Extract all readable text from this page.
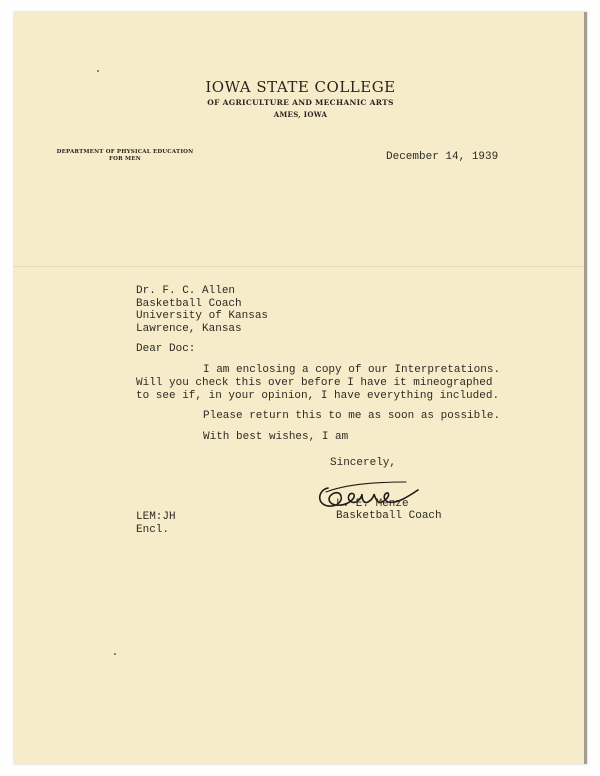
IOWA STATE COLLEGE
OF AGRICULTURE AND MECHANIC ARTS
AMES, IOWA
DEPARTMENT OF PHYSICAL EDUCATION
FOR MEN	December 14, 1939
Dr. F. C. Allen
Basketball Coach
University of Kansas
Lawrence, Kansas
Dear Doc:
I am enclosing a copy of our Interpretations.
Will you check this over before I have it mineographed
to see if, in your opinion, I have everything included.
Please return this to me as soon as possible.
With best wishes, I am
Sincerely,
L. E. Menze
Basketball Coach
LEM:JH
Encl.
